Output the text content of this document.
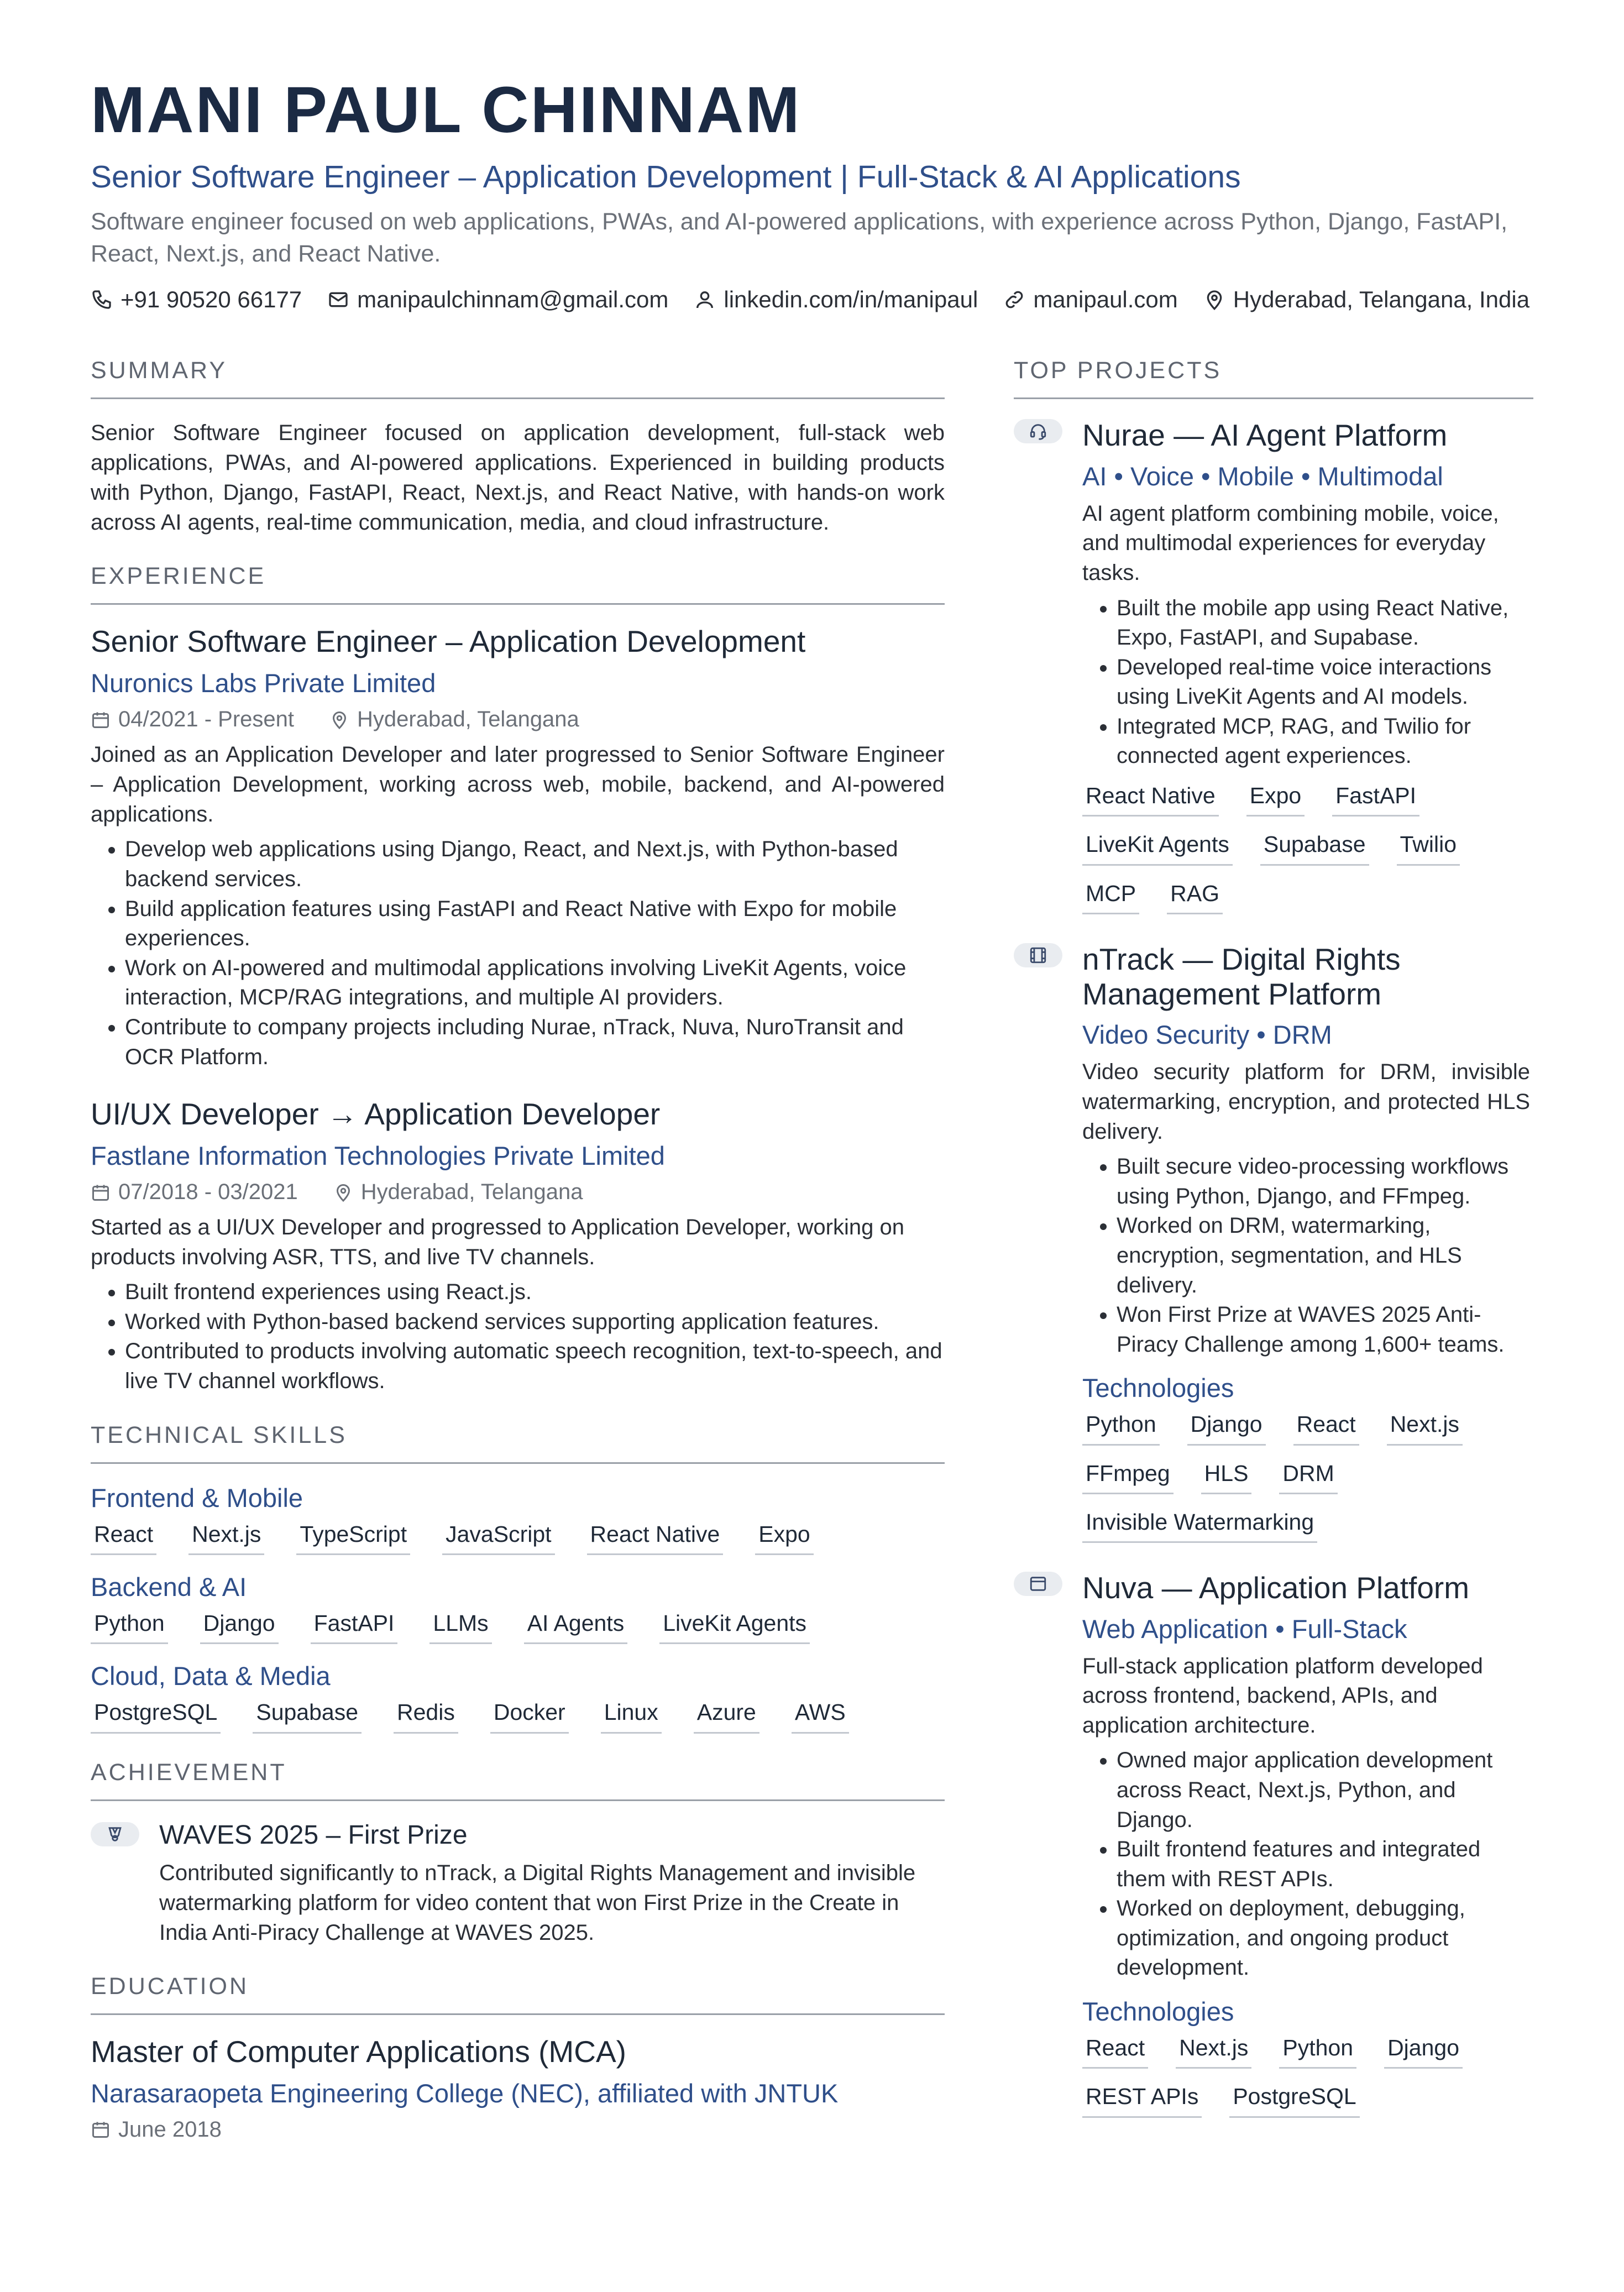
MANI PAUL CHINNAM
Senior Software Engineer – Application Development | Full-Stack & AI Applications
Software engineer focused on web applications, PWAs, and AI-powered applications, with experience across Python, Django, FastAPI, React, Next.js, and React Native.
+91 90520 66177 manipaulchinnam@gmail.com linkedin.com/in/manipaul manipaul.com Hyderabad, Telangana, India
SUMMARY

Senior Software Engineer focused on application development, full-stack web applications, PWAs, and AI-powered applications. Experienced in building products with Python, Django, FastAPI, React, Next.js, and React Native, with hands-on work across AI agents, real-time communication, media, and cloud infrastructure.

EXPERIENCE
Senior Software Engineer – Application Development
Nuronics Labs Private Limited
04/2021 - Present	Hyderabad, Telangana

Joined as an Application Developer and later progressed to Senior Software Engineer – Application Development, working across web, mobile, backend, and AI-powered applications.

• Develop web applications using Django, React, and Next.js, with Python-based backend services.
• Build application features using FastAPI and React Native with Expo for mobile experiences.
• Work on AI-powered and multimodal applications involving LiveKit Agents, voice interaction, MCP/RAG integrations, and multiple AI providers.
• Contribute to company projects including Nurae, nTrack, Nuva, NuroTransit and OCR Platform.
UI/UX Developer → Application Developer
Fastlane Information Technologies Private Limited
07/2018 - 03/2021	Hyderabad, Telangana

Started as a UI/UX Developer and progressed to Application Developer, working on products involving ASR, TTS, and live TV channels.

• Built frontend experiences using React.js.
• Worked with Python-based backend services supporting application features.
• Contributed to products involving automatic speech recognition, text-to-speech, and live TV channel workflows.
TECHNICAL SKILLS
Frontend & Mobile
React Next.js TypeScript JavaScript React Native Expo
Backend & AI
Python Django FastAPI LLMs AI Agents LiveKit Agents
Cloud, Data & Media
PostgreSQL Supabase Redis Docker Linux Azure AWS
ACHIEVEMENT
WAVES 2025 – First Prize

Contributed significantly to nTrack, a Digital Rights Management and invisible watermarking platform for video content that won First Prize in the Create in India Anti-Piracy Challenge at WAVES 2025.

EDUCATION
Master of Computer Applications (MCA)
Narasaraopeta Engineering College (NEC), affiliated with JNTUK
June 2018
TOP PROJECTS
Nurae — AI Agent Platform
AI • Voice • Mobile • Multimodal

AI agent platform combining mobile, voice, and multimodal experiences for everyday tasks.

• Built the mobile app using React Native, Expo, FastAPI, and Supabase.
• Developed real-time voice interactions using LiveKit Agents and AI models.
• Integrated MCP, RAG, and Twilio for connected agent experiences.
React Native Expo FastAPI
LiveKit Agents Supabase Twilio
MCP RAG
nTrack — Digital Rights Management Platform
Video Security • DRM

Video security platform for DRM, invisible watermarking, encryption, and protected HLS delivery.

• Built secure video-processing workflows using Python, Django, and FFmpeg.
• Worked on DRM, watermarking, encryption, segmentation, and HLS delivery.
• Won First Prize at WAVES 2025 Anti-Piracy Challenge among 1,600+ teams.
Technologies
Python Django React Next.js
FFmpeg HLS DRM
Invisible Watermarking
Nuva — Application Platform
Web Application • Full-Stack

Full-stack application platform developed across frontend, backend, APIs, and application architecture.

• Owned major application development across React, Next.js, Python, and Django.
• Built frontend features and integrated them with REST APIs.
• Worked on deployment, debugging, optimization, and ongoing product development.
Technologies
React Next.js Python Django
REST APIs PostgreSQL
